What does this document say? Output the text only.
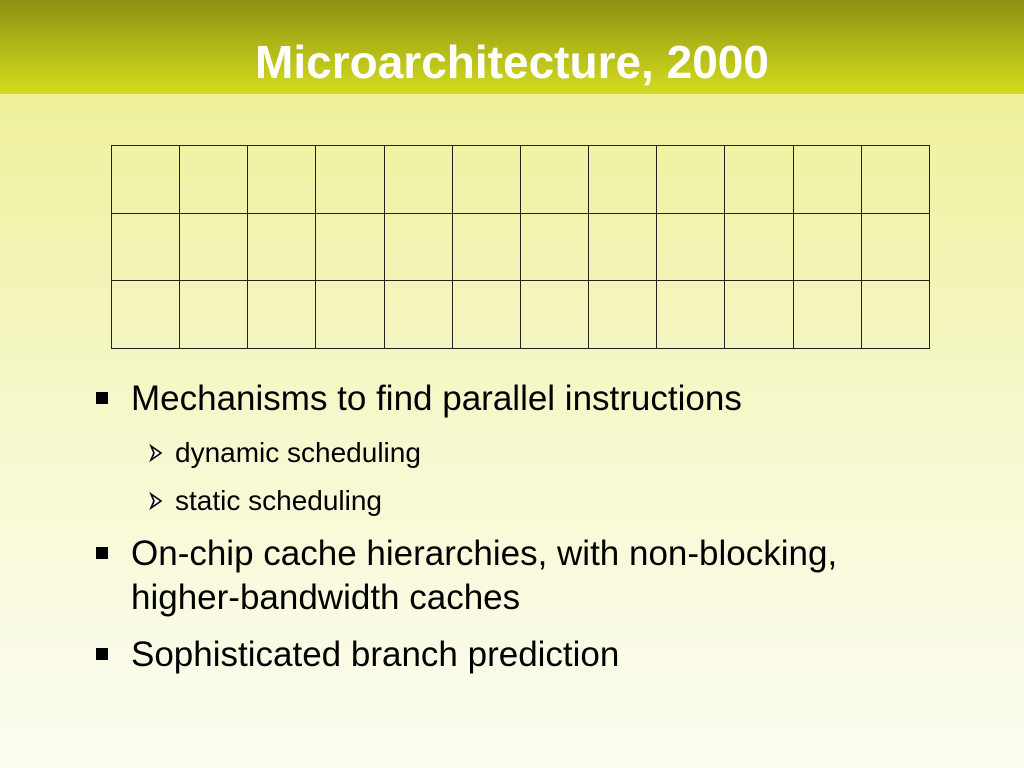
Microarchitecture, 2000

Mechanisms to find parallel instructions
dynamic scheduling
static scheduling
On-chip cache hierarchies, with non-blocking,
higher-bandwidth caches
Sophisticated branch prediction
